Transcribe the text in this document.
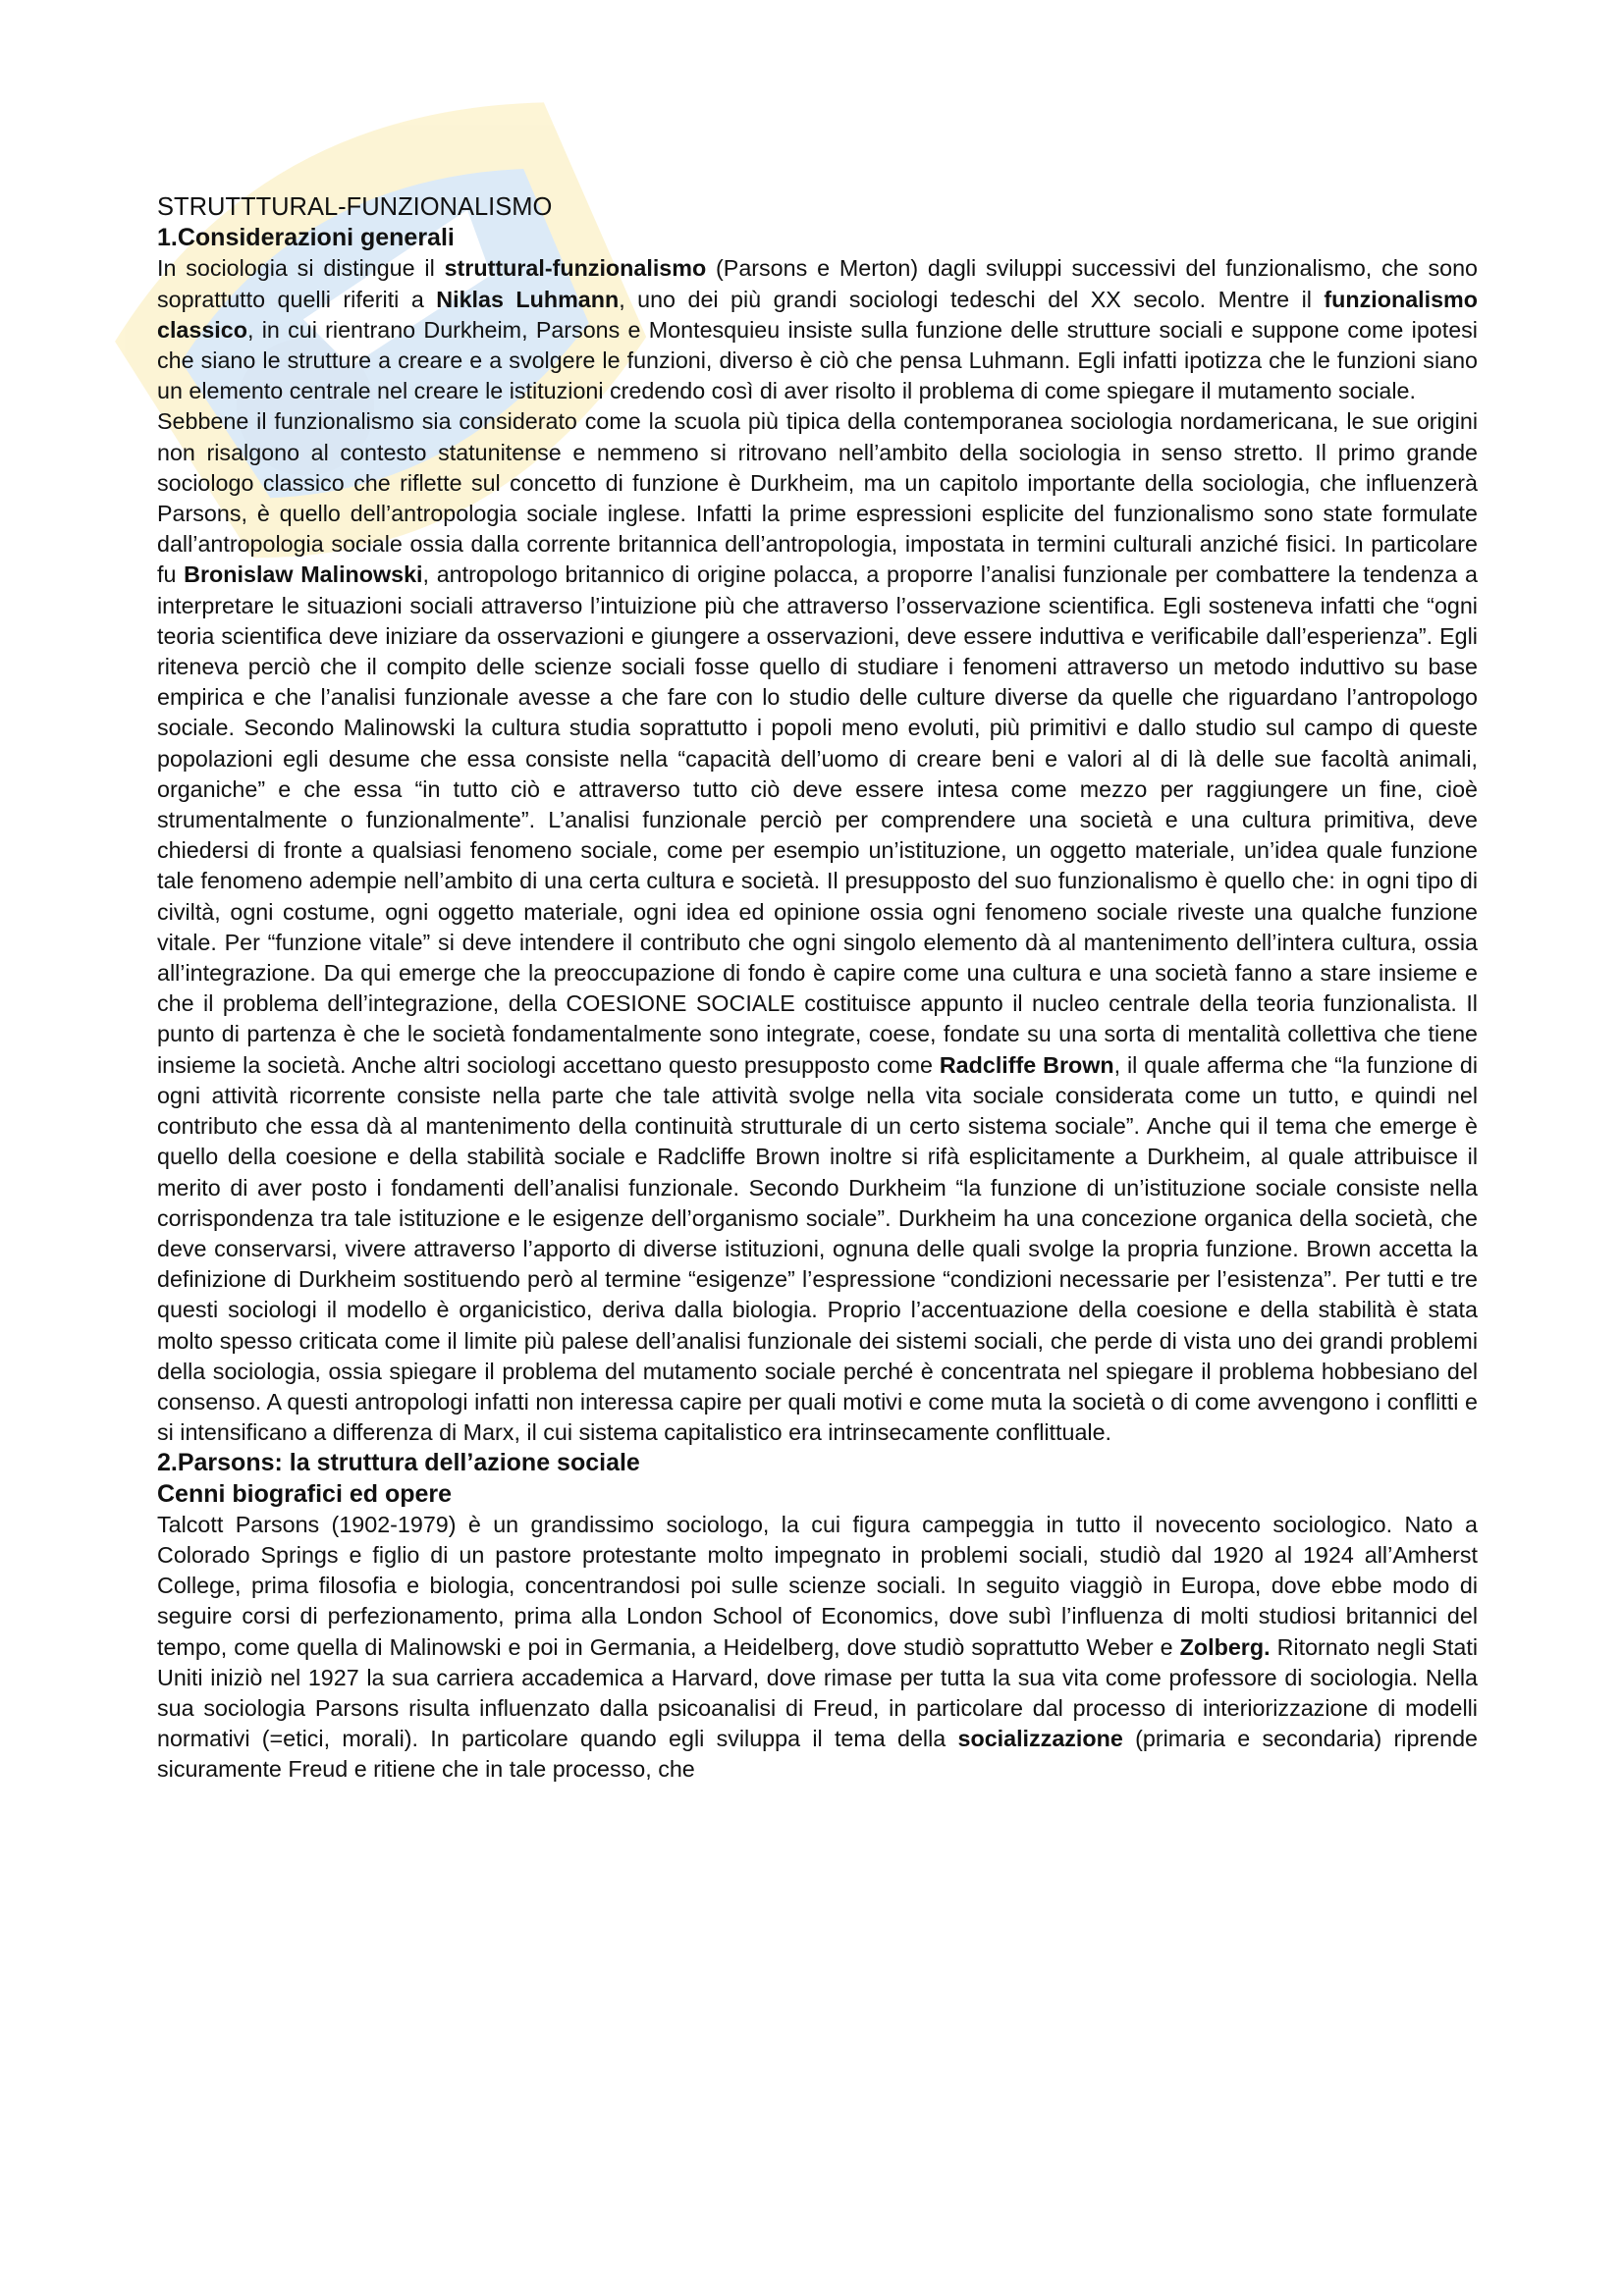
STRUTTTURAL-FUNZIONALISMO
1.Considerazioni generali

In sociologia si distingue il struttural-funzionalismo (Parsons e Merton) dagli sviluppi successivi del funzionalismo, che sono soprattutto quelli riferiti a Niklas Luhmann, uno dei più grandi sociologi tedeschi del XX secolo. Mentre il funzionalismo classico, in cui rientrano Durkheim, Parsons e Montesquieu insiste sulla funzione delle strutture sociali e suppone come ipotesi che siano le strutture a creare e a svolgere le funzioni, diverso è ciò che pensa Luhmann. Egli infatti ipotizza che le funzioni siano un elemento centrale nel creare le istituzioni credendo così di aver risolto il problema di come spiegare il mutamento sociale.

Sebbene il funzionalismo sia considerato come la scuola più tipica della contemporanea sociologia nordamericana, le sue origini non risalgono al contesto statunitense e nemmeno si ritrovano nell’ambito della sociologia in senso stretto. Il primo grande sociologo classico che riflette sul concetto di funzione è Durkheim, ma un capitolo importante della sociologia, che influenzerà Parsons, è quello dell’antropologia sociale inglese. Infatti la prime espressioni esplicite del funzionalismo sono state formulate dall’antropologia sociale ossia dalla corrente britannica dell’antropologia, impostata in termini culturali anziché fisici. In particolare fu Bronislaw Malinowski, antropologo britannico di origine polacca, a proporre l’analisi funzionale per combattere la tendenza a interpretare le situazioni sociali attraverso l’intuizione più che attraverso l’osservazione scientifica. Egli sosteneva infatti che “ogni teoria scientifica deve iniziare da osservazioni e giungere a osservazioni, deve essere induttiva e verificabile dall’esperienza”. Egli riteneva perciò che il compito delle scienze sociali fosse quello di studiare i fenomeni attraverso un metodo induttivo su base empirica e che l’analisi funzionale avesse a che fare con lo studio delle culture diverse da quelle che riguardano l’antropologo sociale. Secondo Malinowski la cultura studia soprattutto i popoli meno evoluti, più primitivi e dallo studio sul campo di queste popolazioni egli desume che essa consiste nella “capacità dell’uomo di creare beni e valori al di là delle sue facoltà animali, organiche” e che essa “in tutto ciò e attraverso tutto ciò deve essere intesa come mezzo per raggiungere un fine, cioè strumentalmente o funzionalmente”. L’analisi funzionale perciò per comprendere una società e una cultura primitiva, deve chiedersi di fronte a qualsiasi fenomeno sociale, come per esempio un’istituzione, un oggetto materiale, un’idea quale funzione tale fenomeno adempie nell’ambito di una certa cultura e società. Il presupposto del suo funzionalismo è quello che: in ogni tipo di civiltà, ogni costume, ogni oggetto materiale, ogni idea ed opinione ossia ogni fenomeno sociale riveste una qualche funzione vitale. Per “funzione vitale” si deve intendere il contributo che ogni singolo elemento dà al mantenimento dell’intera cultura, ossia all’integrazione. Da qui emerge che la preoccupazione di fondo è capire come una cultura e una società fanno a stare insieme e che il problema dell’integrazione, della COESIONE SOCIALE costituisce appunto il nucleo centrale della teoria funzionalista. Il punto di partenza è che le società fondamentalmente sono integrate, coese, fondate su una sorta di mentalità collettiva che tiene insieme la società. Anche altri sociologi accettano questo presupposto come Radcliffe Brown, il quale afferma che “la funzione di ogni attività ricorrente consiste nella parte che tale attività svolge nella vita sociale considerata come un tutto, e quindi nel contributo che essa dà al mantenimento della continuità strutturale di un certo sistema sociale”. Anche qui il tema che emerge è quello della coesione e della stabilità sociale e Radcliffe Brown inoltre si rifà esplicitamente a Durkheim, al quale attribuisce il merito di aver posto i fondamenti dell’analisi funzionale. Secondo Durkheim “la funzione di un’istituzione sociale consiste nella corrispondenza tra tale istituzione e le esigenze dell’organismo sociale”. Durkheim ha una concezione organica della società, che deve conservarsi, vivere attraverso l’apporto di diverse istituzioni, ognuna delle quali svolge la propria funzione. Brown accetta la definizione di Durkheim sostituendo però al termine “esigenze” l’espressione “condizioni necessarie per l’esistenza”. Per tutti e tre questi sociologi il modello è organicistico, deriva dalla biologia. Proprio l’accentuazione della coesione e della stabilità è stata molto spesso criticata come il limite più palese dell’analisi funzionale dei sistemi sociali, che perde di vista uno dei grandi problemi della sociologia, ossia spiegare il problema del mutamento sociale perché è concentrata nel spiegare il problema hobbesiano del consenso. A questi antropologi infatti non interessa capire per quali motivi e come muta la società o di come avvengono i conflitti e si intensificano a differenza di Marx, il cui sistema capitalistico era intrinsecamente conflittuale.

2.Parsons: la struttura dell’azione sociale
Cenni biografici ed opere

Talcott Parsons (1902-1979) è un grandissimo sociologo, la cui figura campeggia in tutto il novecento sociologico. Nato a Colorado Springs e figlio di un pastore protestante molto impegnato in problemi sociali, studiò dal 1920 al 1924 all’Amherst College, prima filosofia e biologia, concentrandosi poi sulle scienze sociali. In seguito viaggiò in Europa, dove ebbe modo di seguire corsi di perfezionamento, prima alla London School of Economics, dove subì l’influenza di molti studiosi britannici del tempo, come quella di Malinowski e poi in Germania, a Heidelberg, dove studiò soprattutto Weber e Zolberg. Ritornato negli Stati Uniti iniziò nel 1927 la sua carriera accademica a Harvard, dove rimase per tutta la sua vita come professore di sociologia. Nella sua sociologia Parsons risulta influenzato dalla psicoanalisi di Freud, in particolare dal processo di interiorizzazione di modelli normativi (=etici, morali). In particolare quando egli sviluppa il tema della socializzazione (primaria e secondaria) riprende sicuramente Freud e ritiene che in tale processo, che
